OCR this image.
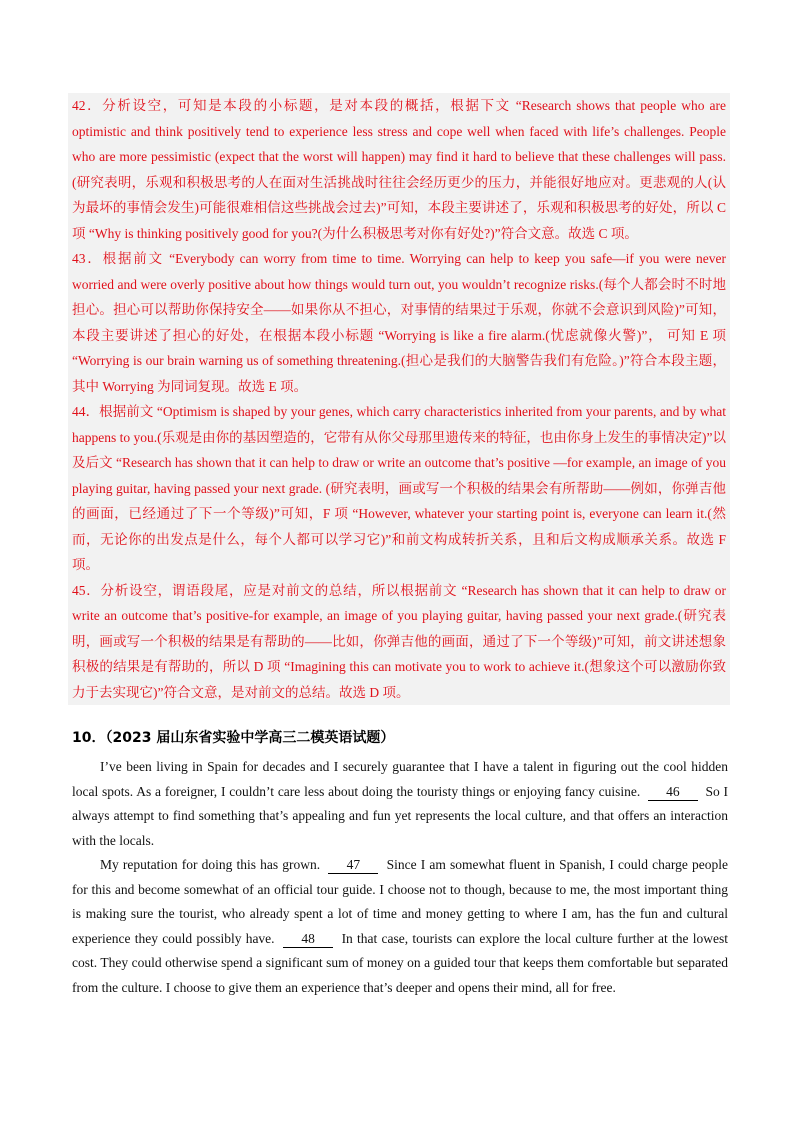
42．分析设空，可知是本段的小标题，是对本段的概括，根据下文 “Research shows that people who are optimistic and think positively tend to experience less stress and cope well when faced with life’s challenges. People who are more pessimistic (expect that the worst will happen) may find it hard to believe that these challenges will pass.(研究表明，乐观和积极思考的人在面对生活挑战时往往会经历更少的压力，并能很好地应对。更悲观的人(认为最坏的事情会发生)可能很难相信这些挑战会过去)”可知，本段主要讲述了，乐观和积极思考的好处，所以 C 项 “Why is thinking positively good for you?(为什么积极思考对你有好处?)”符合文意。故选 C 项。

43．根据前文 “Everybody can worry from time to time. Worrying can help to keep you safe—if you were never worried and were overly positive about how things would turn out, you wouldn’t recognize risks.(每个人都会时不时地担心。担心可以帮助你保持安全——如果你从不担心，对事情的结果过于乐观，你就不会意识到风险)”可知，本段主要讲述了担心的好处，在根据本段小标题 “Worrying is like a fire alarm.(忧虑就像火警)”， 可知 E 项 “Worrying is our brain warning us of something threatening.(担心是我们的大脑警告我们有危险。)”符合本段主题，其中 Worrying 为同词复现。故选 E 项。

44．根据前文 “Optimism is shaped by your genes, which carry characteristics inherited from your parents, and by what happens to you.(乐观是由你的基因塑造的，它带有从你父母那里遗传来的特征，也由你身上发生的事情决定)”以及后文 “Research has shown that it can help to draw or write an outcome that’s positive —for example, an image of you playing guitar, having passed your next grade. (研究表明，画或写一个积极的结果会有所帮助——例如，你弹吉他的画面，已经通过了下一个等级)”可知，F 项 “However, whatever your starting point is, everyone can learn it.(然而，无论你的出发点是什么，每个人都可以学习它)”和前文构成转折关系，且和后文构成顺承关系。故选 F 项。

45．分析设空，谓语段尾，应是对前文的总结，所以根据前文 “Research has shown that it can help to draw or write an outcome that’s positive-for example, an image of you playing guitar, having passed your next grade.(研究表明，画或写一个积极的结果是有帮助的——比如，你弹吉他的画面，通过了下一个等级)”可知，前文讲述想象积极的结果是有帮助的，所以 D 项 “Imagining this can motivate you to work to achieve it.(想象这个可以激励你致力于去实现它)”符合文意，是对前文的总结。故选 D 项。

10．（2023 届山东省实验中学高三二模英语试题）

I’ve been living in Spain for decades and I securely guarantee that I have a talent in figuring out the cool hidden local spots. As a foreigner, I couldn’t care less about doing the touristy things or enjoying fancy cuisine. 46 So I always attempt to find something that’s appealing and fun yet represents the local culture, and that offers an interaction with the locals.

My reputation for doing this has grown. 47 Since I am somewhat fluent in Spanish, I could charge people for this and become somewhat of an official tour guide. I choose not to though, because to me, the most important thing is making sure the tourist, who already spent a lot of time and money getting to where I am, has the fun and cultural experience they could possibly have. 48 In that case, tourists can explore the local culture further at the lowest cost. They could otherwise spend a significant sum of money on a guided tour that keeps them comfortable but separated from the culture. I choose to give them an experience that’s deeper and opens their mind, all for free.
